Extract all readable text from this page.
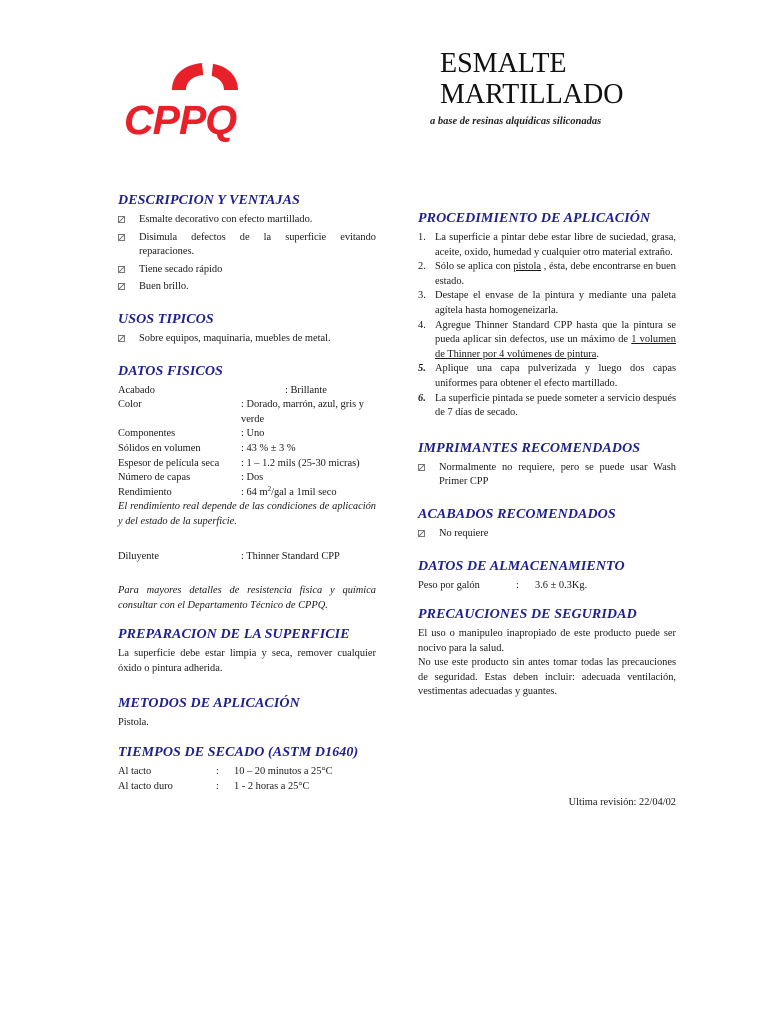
CPPQ
ESMALTE
MARTILLADO
a base de resinas alquídicas siliconadas
DESCRIPCION Y VENTAJAS
Esmalte decorativo con efecto martillado.
Disimula defectos de la superficie evitando reparaciones.
Tiene secado rápido
Buen brillo.
USOS TIPICOS
Sobre equipos, maquinaria, muebles de metal.
DATOS FISICOS
Acabado	: Brillante
Color	: Dorado, marrón, azul, gris y verde
Componentes	: Uno
Sólidos en volumen	: 43 % ± 3 %
Espesor de película seca	: 1 – 1.2 mils (25-30 micras)
Número de capas	: Dos
Rendimiento	: 64 $m^2$/gal a 1mil seco
El rendimiento real depende de las condiciones de aplicación y del estado de la superficie.
Diluyente	: Thinner Standard CPP
Para mayores detalles de resistencia física y química consultar con el Departamento Técnico de CPPQ.
PREPARACION DE LA SUPERFICIE
La superficie debe estar limpia y seca, remover cualquier óxido o pintura adherida.
METODOS DE APLICACIÓN
Pistola.
TIEMPOS DE SECADO (ASTM D1640)
Al tacto	:	10 – 20 minutos a 25°C
Al tacto duro	:	1 - 2 horas a 25°C
PROCEDIMIENTO DE APLICACIÓN
1. La superficie a pintar debe estar libre de suciedad, grasa, aceite, oxido, humedad y cualquier otro material extraño.
2. Sólo se aplica con pistola , ésta, debe encontrarse en buen estado.
3. Destape el envase de la pintura y mediante una paleta agítela hasta homogeneizarla.
4. Agregue Thinner Standard CPP hasta que la pintura se pueda aplicar sin defectos, use un máximo de 1 volumen de Thinner por 4 volúmenes de pintura.
5. Aplique una capa pulverizada y luego dos capas uniformes para obtener el efecto martillado.
6. La superficie pintada se puede someter a servicio después de 7 días de secado.
IMPRIMANTES RECOMENDADOS
Normalmente no requiere, pero se puede usar Wash Primer CPP
ACABADOS RECOMENDADOS
No requiere
DATOS DE ALMACENAMIENTO
Peso por galón	:	3.6 ± 0.3Kg.
PRECAUCIONES DE SEGURIDAD
El uso o manipuleo inapropiado de este producto puede ser nocivo para la salud.
No use este producto sin antes tomar todas las precauciones de seguridad. Estas deben incluir: adecuada ventilación, vestimentas adecuadas y guantes.
Ultima revisión: 22/04/02
